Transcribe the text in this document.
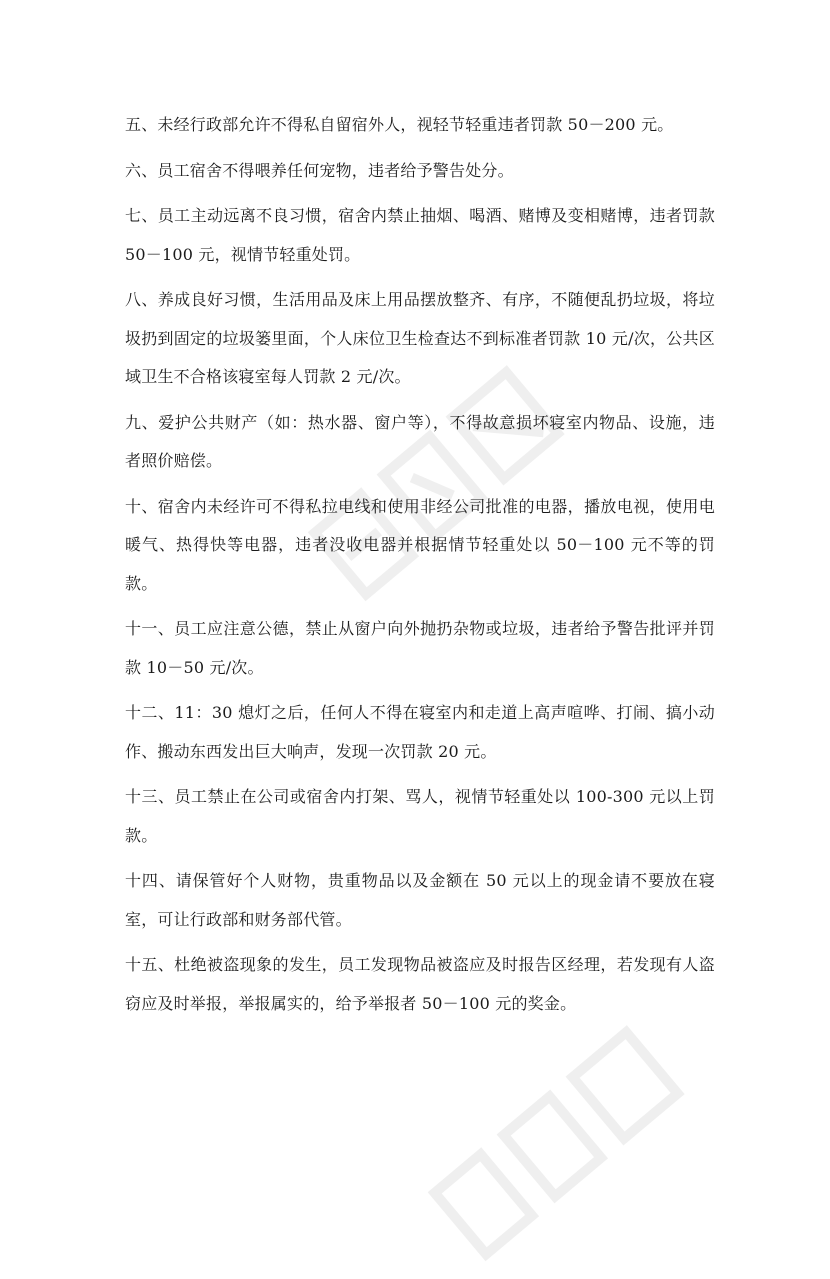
五、未经行政部允许不得私自留宿外人，视轻节轻重违者罚款 50－200 元。

六、员工宿舍不得喂养任何宠物，违者给予警告处分。

七、员工主动远离不良习惯，宿舍内禁止抽烟、喝酒、赌博及变相赌博，违者罚款 50－100 元，视情节轻重处罚。

八、养成良好习惯，生活用品及床上用品摆放整齐、有序，不随便乱扔垃圾，将垃圾扔到固定的垃圾篓里面，个人床位卫生检查达不到标准者罚款 10 元/次，公共区域卫生不合格该寝室每人罚款 2 元/次。

九、爱护公共财产（如：热水器、窗户等），不得故意损坏寝室内物品、设施，违者照价赔偿。

十、宿舍内未经许可不得私拉电线和使用非经公司批准的电器，播放电视，使用电暖气、热得快等电器，违者没收电器并根据情节轻重处以 50－100 元不等的罚款。

十一、员工应注意公德，禁止从窗户向外抛扔杂物或垃圾，违者给予警告批评并罚款 10－50 元/次。

十二、11：30 熄灯之后，任何人不得在寝室内和走道上高声喧哗、打闹、搞小动作、搬动东西发出巨大响声，发现一次罚款 20 元。

十三、员工禁止在公司或宿舍内打架、骂人，视情节轻重处以 100-300 元以上罚款。

十四、请保管好个人财物，贵重物品以及金额在 50 元以上的现金请不要放在寝室，可让行政部和财务部代管。

十五、杜绝被盗现象的发生，员工发现物品被盗应及时报告区经理，若发现有人盗窃应及时举报，举报属实的，给予举报者 50－100 元的奖金。
